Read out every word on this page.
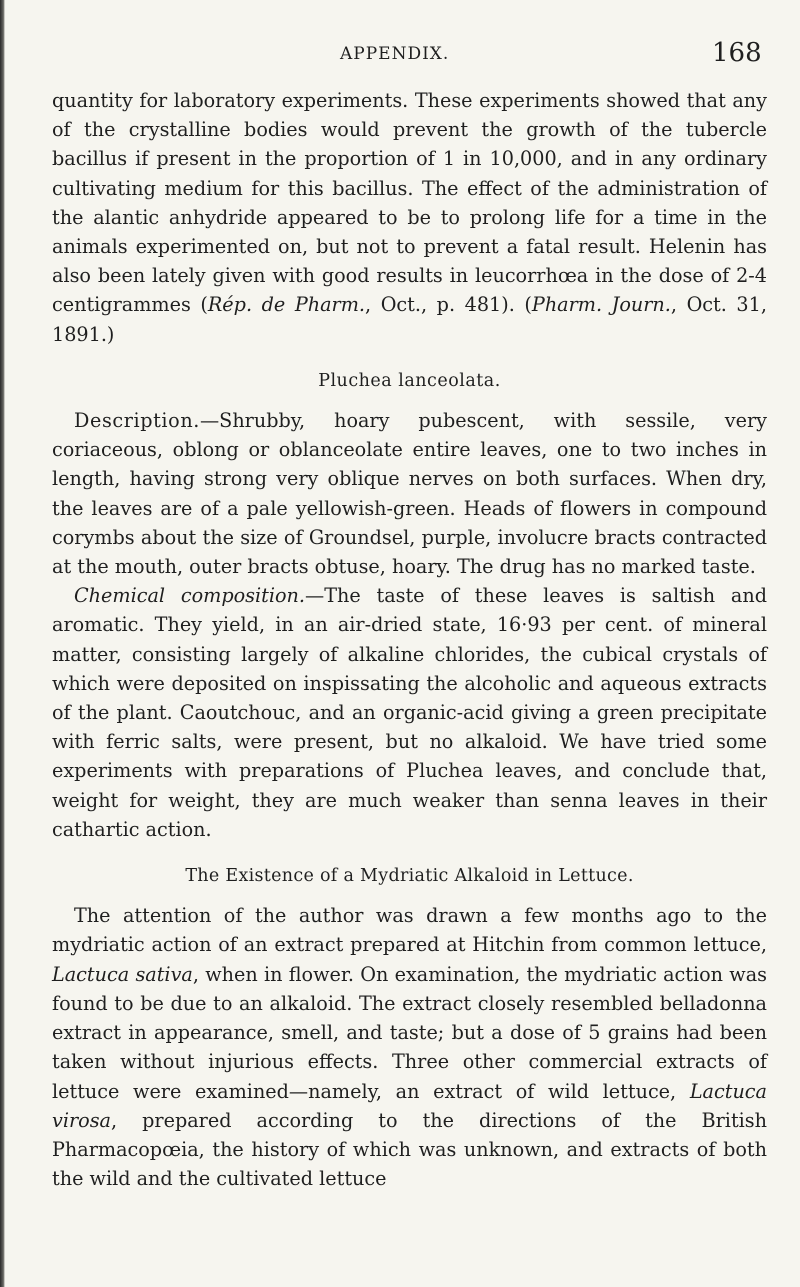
APPENDIX.	168

quantity for laboratory experiments. These experiments showed that any of the crystalline bodies would prevent the growth of the tubercle bacillus if present in the proportion of 1 in 10,000, and in any ordinary cultivating medium for this bacillus. The effect of the administration of the alantic anhydride appeared to be to prolong life for a time in the animals experimented on, but not to prevent a fatal result. Helenin has also been lately given with good results in leucorrhœa in the dose of 2-4 centigrammes (Rép. de Pharm., Oct., p. 481). (Pharm. Journ., Oct. 31, 1891.)

Pluchea lanceolata.

Description.—Shrubby, hoary pubescent, with sessile, very coriaceous, oblong or oblanceolate entire leaves, one to two inches in length, having strong very oblique nerves on both surfaces. When dry, the leaves are of a pale yellowish-green. Heads of flowers in compound corymbs about the size of Groundsel, purple, involucre bracts contracted at the mouth, outer bracts obtuse, hoary. The drug has no marked taste.

Chemical composition.—The taste of these leaves is saltish and aromatic. They yield, in an air-dried state, 16·93 per cent. of mineral matter, consisting largely of alkaline chlorides, the cubical crystals of which were deposited on inspissating the alcoholic and aqueous extracts of the plant. Caoutchouc, and an organic-acid giving a green precipitate with ferric salts, were present, but no alkaloid. We have tried some experiments with preparations of Pluchea leaves, and conclude that, weight for weight, they are much weaker than senna leaves in their cathartic action.

The Existence of a Mydriatic Alkaloid in Lettuce.

The attention of the author was drawn a few months ago to the mydriatic action of an extract prepared at Hitchin from common lettuce, Lactuca sativa, when in flower. On examination, the mydriatic action was found to be due to an alkaloid. The extract closely resembled belladonna extract in appearance, smell, and taste; but a dose of 5 grains had been taken without injurious effects. Three other commercial extracts of lettuce were examined—namely, an extract of wild lettuce, Lactuca virosa, prepared according to the directions of the British Pharmacopœia, the history of which was unknown, and extracts of both the wild and the cultivated lettuce
